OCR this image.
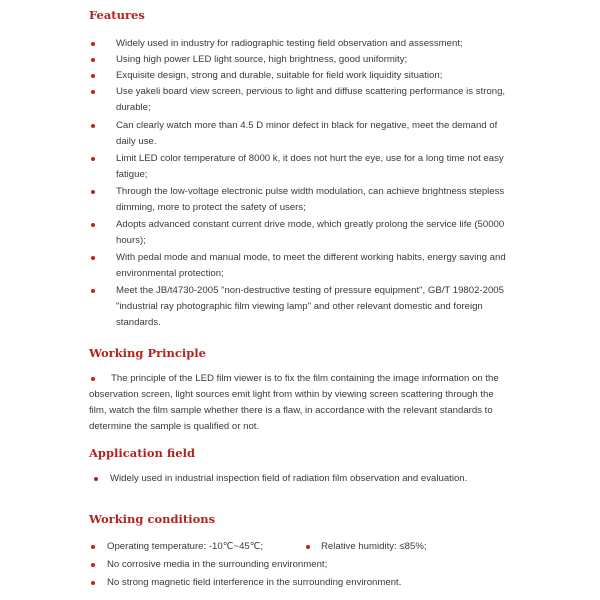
Features
Widely used in industry for radiographic testing field observation and assessment;
Using high power LED light source, high brightness, good uniformity;
Exquisite design, strong and durable, suitable for field work liquidity situation;
Use yakeli board view screen, pervious to light and diffuse scattering performance is strong, durable;
Can clearly watch more than 4.5 D minor defect in black for negative, meet the demand of daily use.
Limit LED color temperature of 8000 k, it does not hurt the eye, use for a long time not easy fatigue;
Through the low-voltage electronic pulse width modulation, can achieve brightness stepless dimming, more to protect the safety of users;
Adopts advanced constant current drive mode, which greatly prolong the service life (50000 hours);
With pedal mode and manual mode, to meet the different working habits, energy saving and environmental protection;
Meet the JB/t4730-2005 "non-destructive testing of pressure equipment", GB/T 19802-2005 "industrial ray photographic film viewing lamp" and other relevant domestic and foreign standards.
Working Principle
The principle of the LED film viewer is to fix the film containing the image information on the observation screen, light sources emit light from within by viewing screen scattering through the film, watch the film sample whether there is a flaw, in accordance with the relevant standards to determine the sample is qualified or not.
Application field
Widely used in industrial inspection field of radiation film observation and evaluation.
Working conditions
Operating temperature: -10℃~45℃;	Relative humidity: ≤85%;
No corrosive media in the surrounding environment;
No strong magnetic field interference in the surrounding environment.
